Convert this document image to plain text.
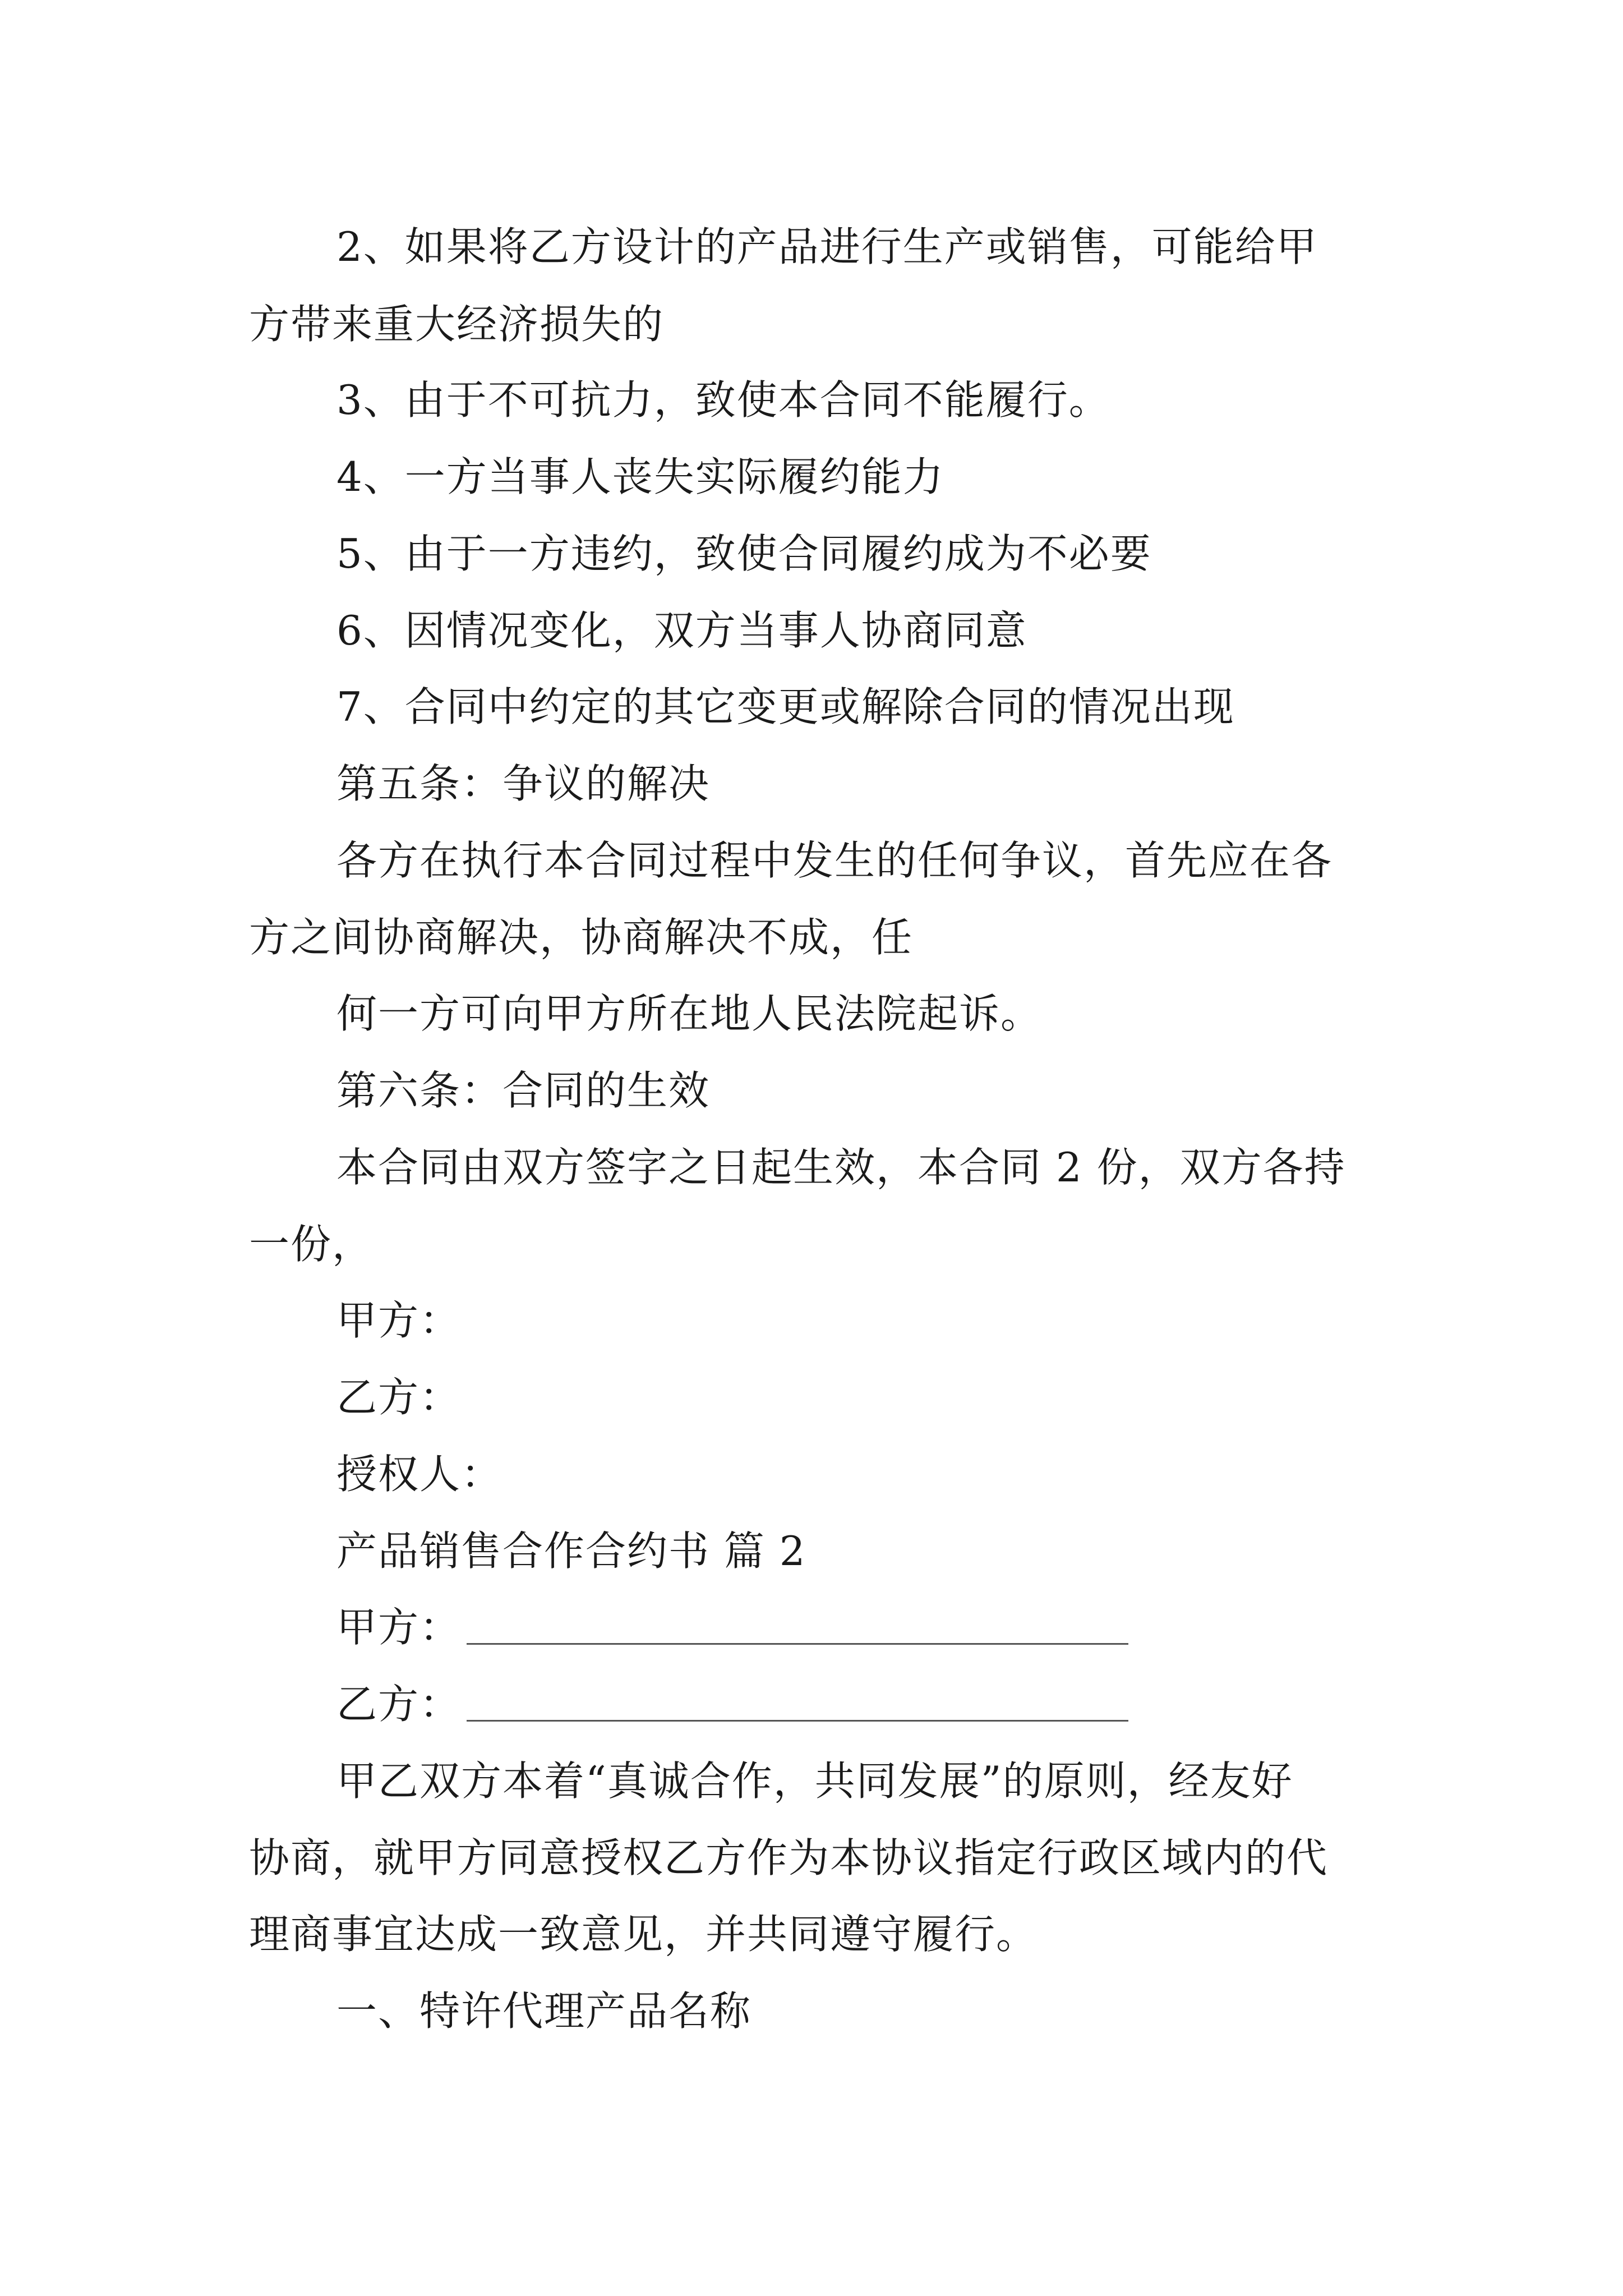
2、如果将乙方设计的产品进行生产或销售，可能给甲
方带来重大经济损失的
3、由于不可抗力，致使本合同不能履行。
4、一方当事人丧失实际履约能力
5、由于一方违约，致使合同履约成为不必要
6、因情况变化，双方当事人协商同意
7、合同中约定的其它变更或解除合同的情况出现
第五条：争议的解决
各方在执行本合同过程中发生的任何争议，首先应在各
方之间协商解决，协商解决不成，任
何一方可向甲方所在地人民法院起诉。
第六条：合同的生效
本合同由双方签字之日起生效，本合同 2 份，双方各持
一份，
甲方：
乙方：
授权人：
产品销售合作合约书 篇 2
甲方：
乙方：
甲乙双方本着“真诚合作，共同发展”的原则，经友好
协商，就甲方同意授权乙方作为本协议指定行政区域内的代
理商事宜达成一致意见，并共同遵守履行。
一、特许代理产品名称
